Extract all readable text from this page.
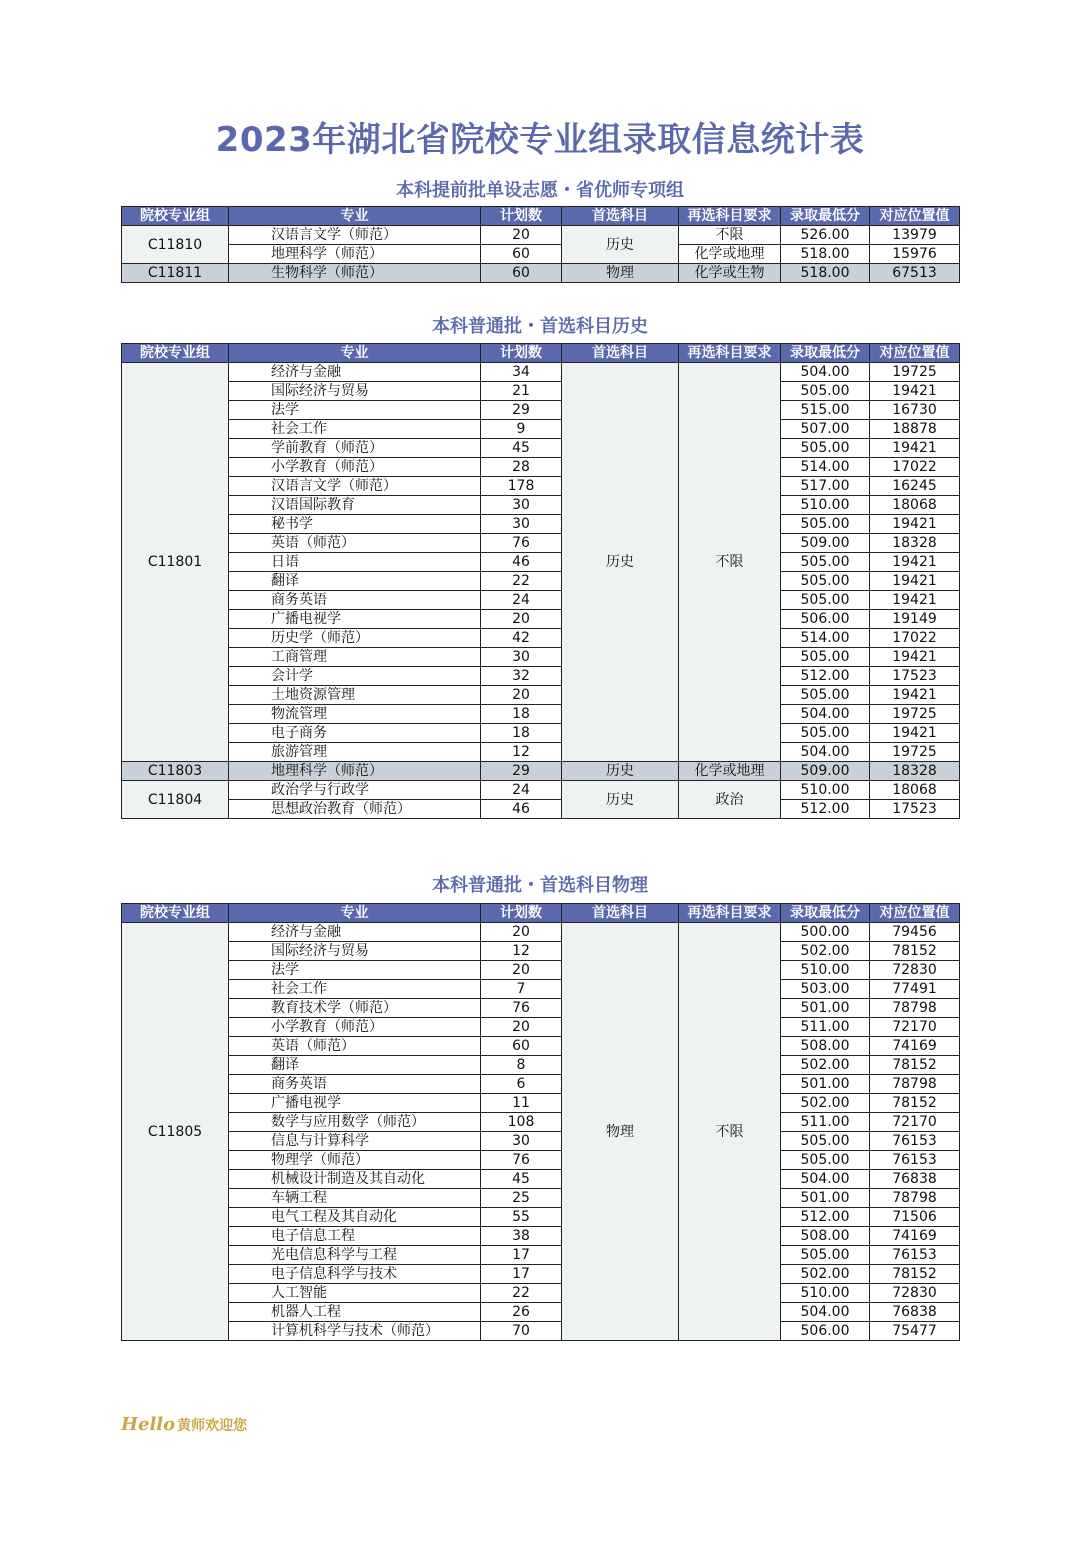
2023年湖北省院校专业组录取信息统计表
本科提前批单设志愿・省优师专项组
院校专业组	专业	计划数	首选科目	再选科目要求	录取最低分	对应位置值
C11810	汉语言文学（师范）	20	历史	不限	526.00	13979
	地理科学（师范）	60		化学或地理	518.00	15976
C11811	生物科学（师范）	60	物理	化学或生物	518.00	67513
本科普通批・首选科目历史
院校专业组	专业	计划数	首选科目	再选科目要求	录取最低分	对应位置值
C11801	经济与金融	34	历史	不限	504.00	19725
	国际经济与贸易	21			505.00	19421
	法学	29			515.00	16730
	社会工作	9			507.00	18878
	学前教育（师范）	45			505.00	19421
	小学教育（师范）	28			514.00	17022
	汉语言文学（师范）	178			517.00	16245
	汉语国际教育	30			510.00	18068
	秘书学	30			505.00	19421
	英语（师范）	76			509.00	18328
	日语	46			505.00	19421
	翻译	22			505.00	19421
	商务英语	24			505.00	19421
	广播电视学	20			506.00	19149
	历史学（师范）	42			514.00	17022
	工商管理	30			505.00	19421
	会计学	32			512.00	17523
	土地资源管理	20			505.00	19421
	物流管理	18			504.00	19725
	电子商务	18			505.00	19421
	旅游管理	12			504.00	19725
C11803	地理科学（师范）	29	历史	化学或地理	509.00	18328
C11804	政治学与行政学	24	历史	政治	510.00	18068
	思想政治教育（师范）	46			512.00	17523
本科普通批・首选科目物理
院校专业组	专业	计划数	首选科目	再选科目要求	录取最低分	对应位置值
C11805	经济与金融	20	物理	不限	500.00	79456
	国际经济与贸易	12			502.00	78152
	法学	20			510.00	72830
	社会工作	7			503.00	77491
	教育技术学（师范）	76			501.00	78798
	小学教育（师范）	20			511.00	72170
	英语（师范）	60			508.00	74169
	翻译	8			502.00	78152
	商务英语	6			501.00	78798
	广播电视学	11			502.00	78152
	数学与应用数学（师范）	108			511.00	72170
	信息与计算科学	30			505.00	76153
	物理学（师范）	76			505.00	76153
	机械设计制造及其自动化	45			504.00	76838
	车辆工程	25			501.00	78798
	电气工程及其自动化	55			512.00	71506
	电子信息工程	38			508.00	74169
	光电信息科学与工程	17			505.00	76153
	电子信息科学与技术	17			502.00	78152
	人工智能	22			510.00	72830
	机器人工程	26			504.00	76838
	计算机科学与技术（师范）	70			506.00	75477
Hello 黄师欢迎您
